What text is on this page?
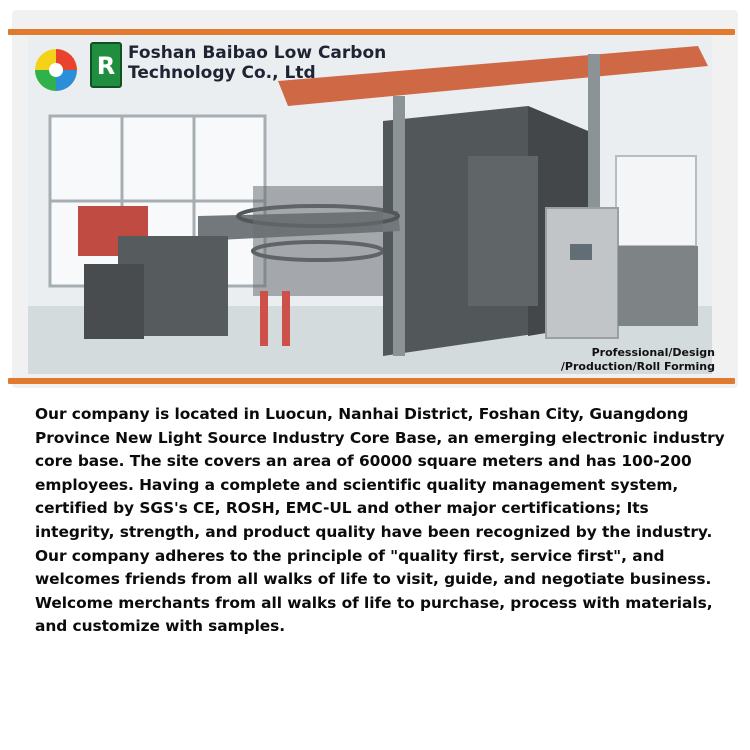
R Foshan Baibao Low Carbon Technology Co., Ltd
Professional/Design /Production/Roll Forming
Our company is located in Luocun, Nanhai District, Foshan City, Guangdong Province New Light Source Industry Core Base, an emerging electronic industry core base. The site covers an area of 60000 square meters and has 100-200 employees. Having a complete and scientific quality management system, certified by SGS's CE, ROSH, EMC-UL and other major certifications; Its integrity, strength, and product quality have been recognized by the industry. Our company adheres to the principle of "quality first, service first", and welcomes friends from all walks of life to visit, guide, and negotiate business. Welcome merchants from all walks of life to purchase, process with materials, and customize with samples.
